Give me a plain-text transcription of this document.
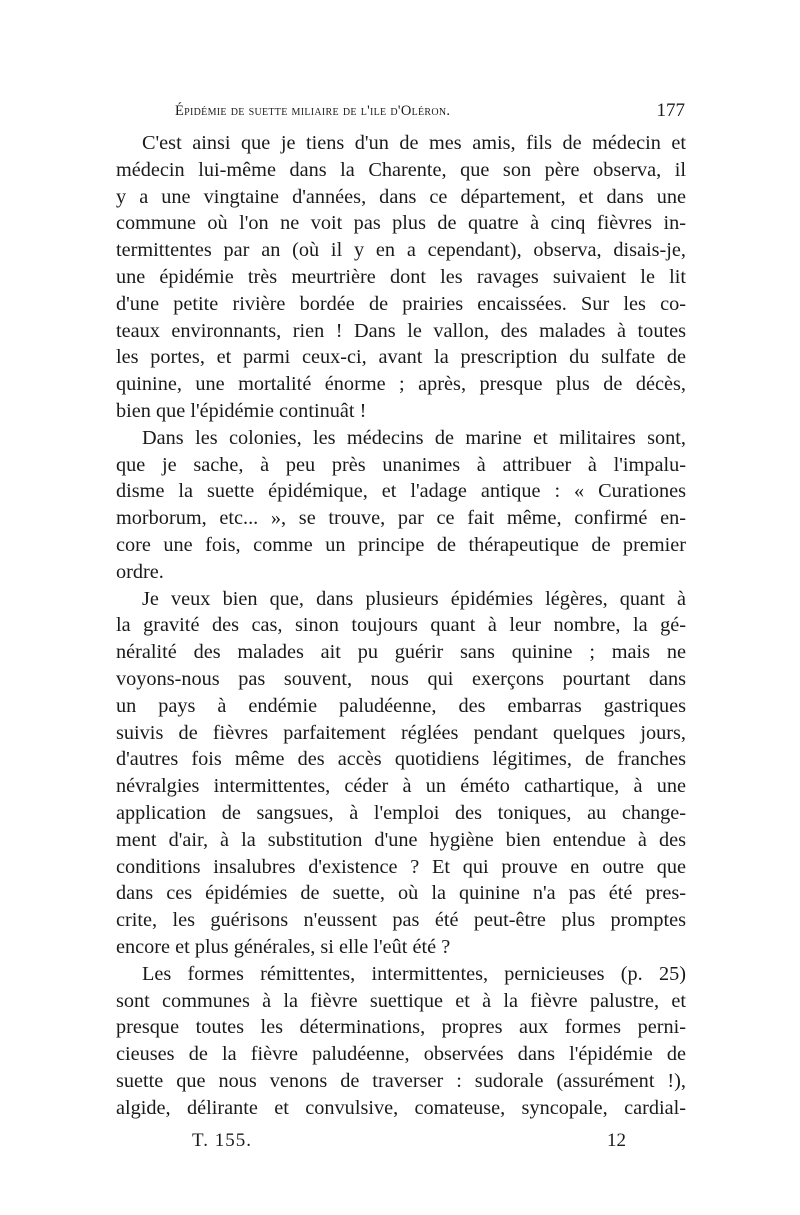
Épidémie de suette miliaire de l'ile d'Oléron.	177
C'est ainsi que je tiens d'un de mes amis, fils de médecin et
médecin lui-même dans la Charente, que son père observa, il
y a une vingtaine d'années, dans ce département, et dans une
commune où l'on ne voit pas plus de quatre à cinq fièvres in-
termittentes par an (où il y en a cependant), observa, disais-je,
une épidémie très meurtrière dont les ravages suivaient le lit
d'une petite rivière bordée de prairies encaissées. Sur les co-
teaux environnants, rien ! Dans le vallon, des malades à toutes
les portes, et parmi ceux-ci, avant la prescription du sulfate de
quinine, une mortalité énorme ; après, presque plus de décès,
bien que l'épidémie continuât !
Dans les colonies, les médecins de marine et militaires sont,
que je sache, à peu près unanimes à attribuer à l'impalu-
disme la suette épidémique, et l'adage antique : « Curationes
morborum, etc... », se trouve, par ce fait même, confirmé en-
core une fois, comme un principe de thérapeutique de premier
ordre.
Je veux bien que, dans plusieurs épidémies légères, quant à
la gravité des cas, sinon toujours quant à leur nombre, la gé-
néralité des malades ait pu guérir sans quinine ; mais ne
voyons-nous pas souvent, nous qui exerçons pourtant dans
un pays à endémie paludéenne, des embarras gastriques
suivis de fièvres parfaitement réglées pendant quelques jours,
d'autres fois même des accès quotidiens légitimes, de franches
névralgies intermittentes, céder à un éméto cathartique, à une
application de sangsues, à l'emploi des toniques, au change-
ment d'air, à la substitution d'une hygiène bien entendue à des
conditions insalubres d'existence ? Et qui prouve en outre que
dans ces épidémies de suette, où la quinine n'a pas été pres-
crite, les guérisons n'eussent pas été peut-être plus promptes
encore et plus générales, si elle l'eût été ?
Les formes rémittentes, intermittentes, pernicieuses (p. 25)
sont communes à la fièvre suettique et à la fièvre palustre, et
presque toutes les déterminations, propres aux formes perni-
cieuses de la fièvre paludéenne, observées dans l'épidémie de
suette que nous venons de traverser : sudorale (assurément !),
algide, délirante et convulsive, comateuse, syncopale, cardial-
T. 155.	12
